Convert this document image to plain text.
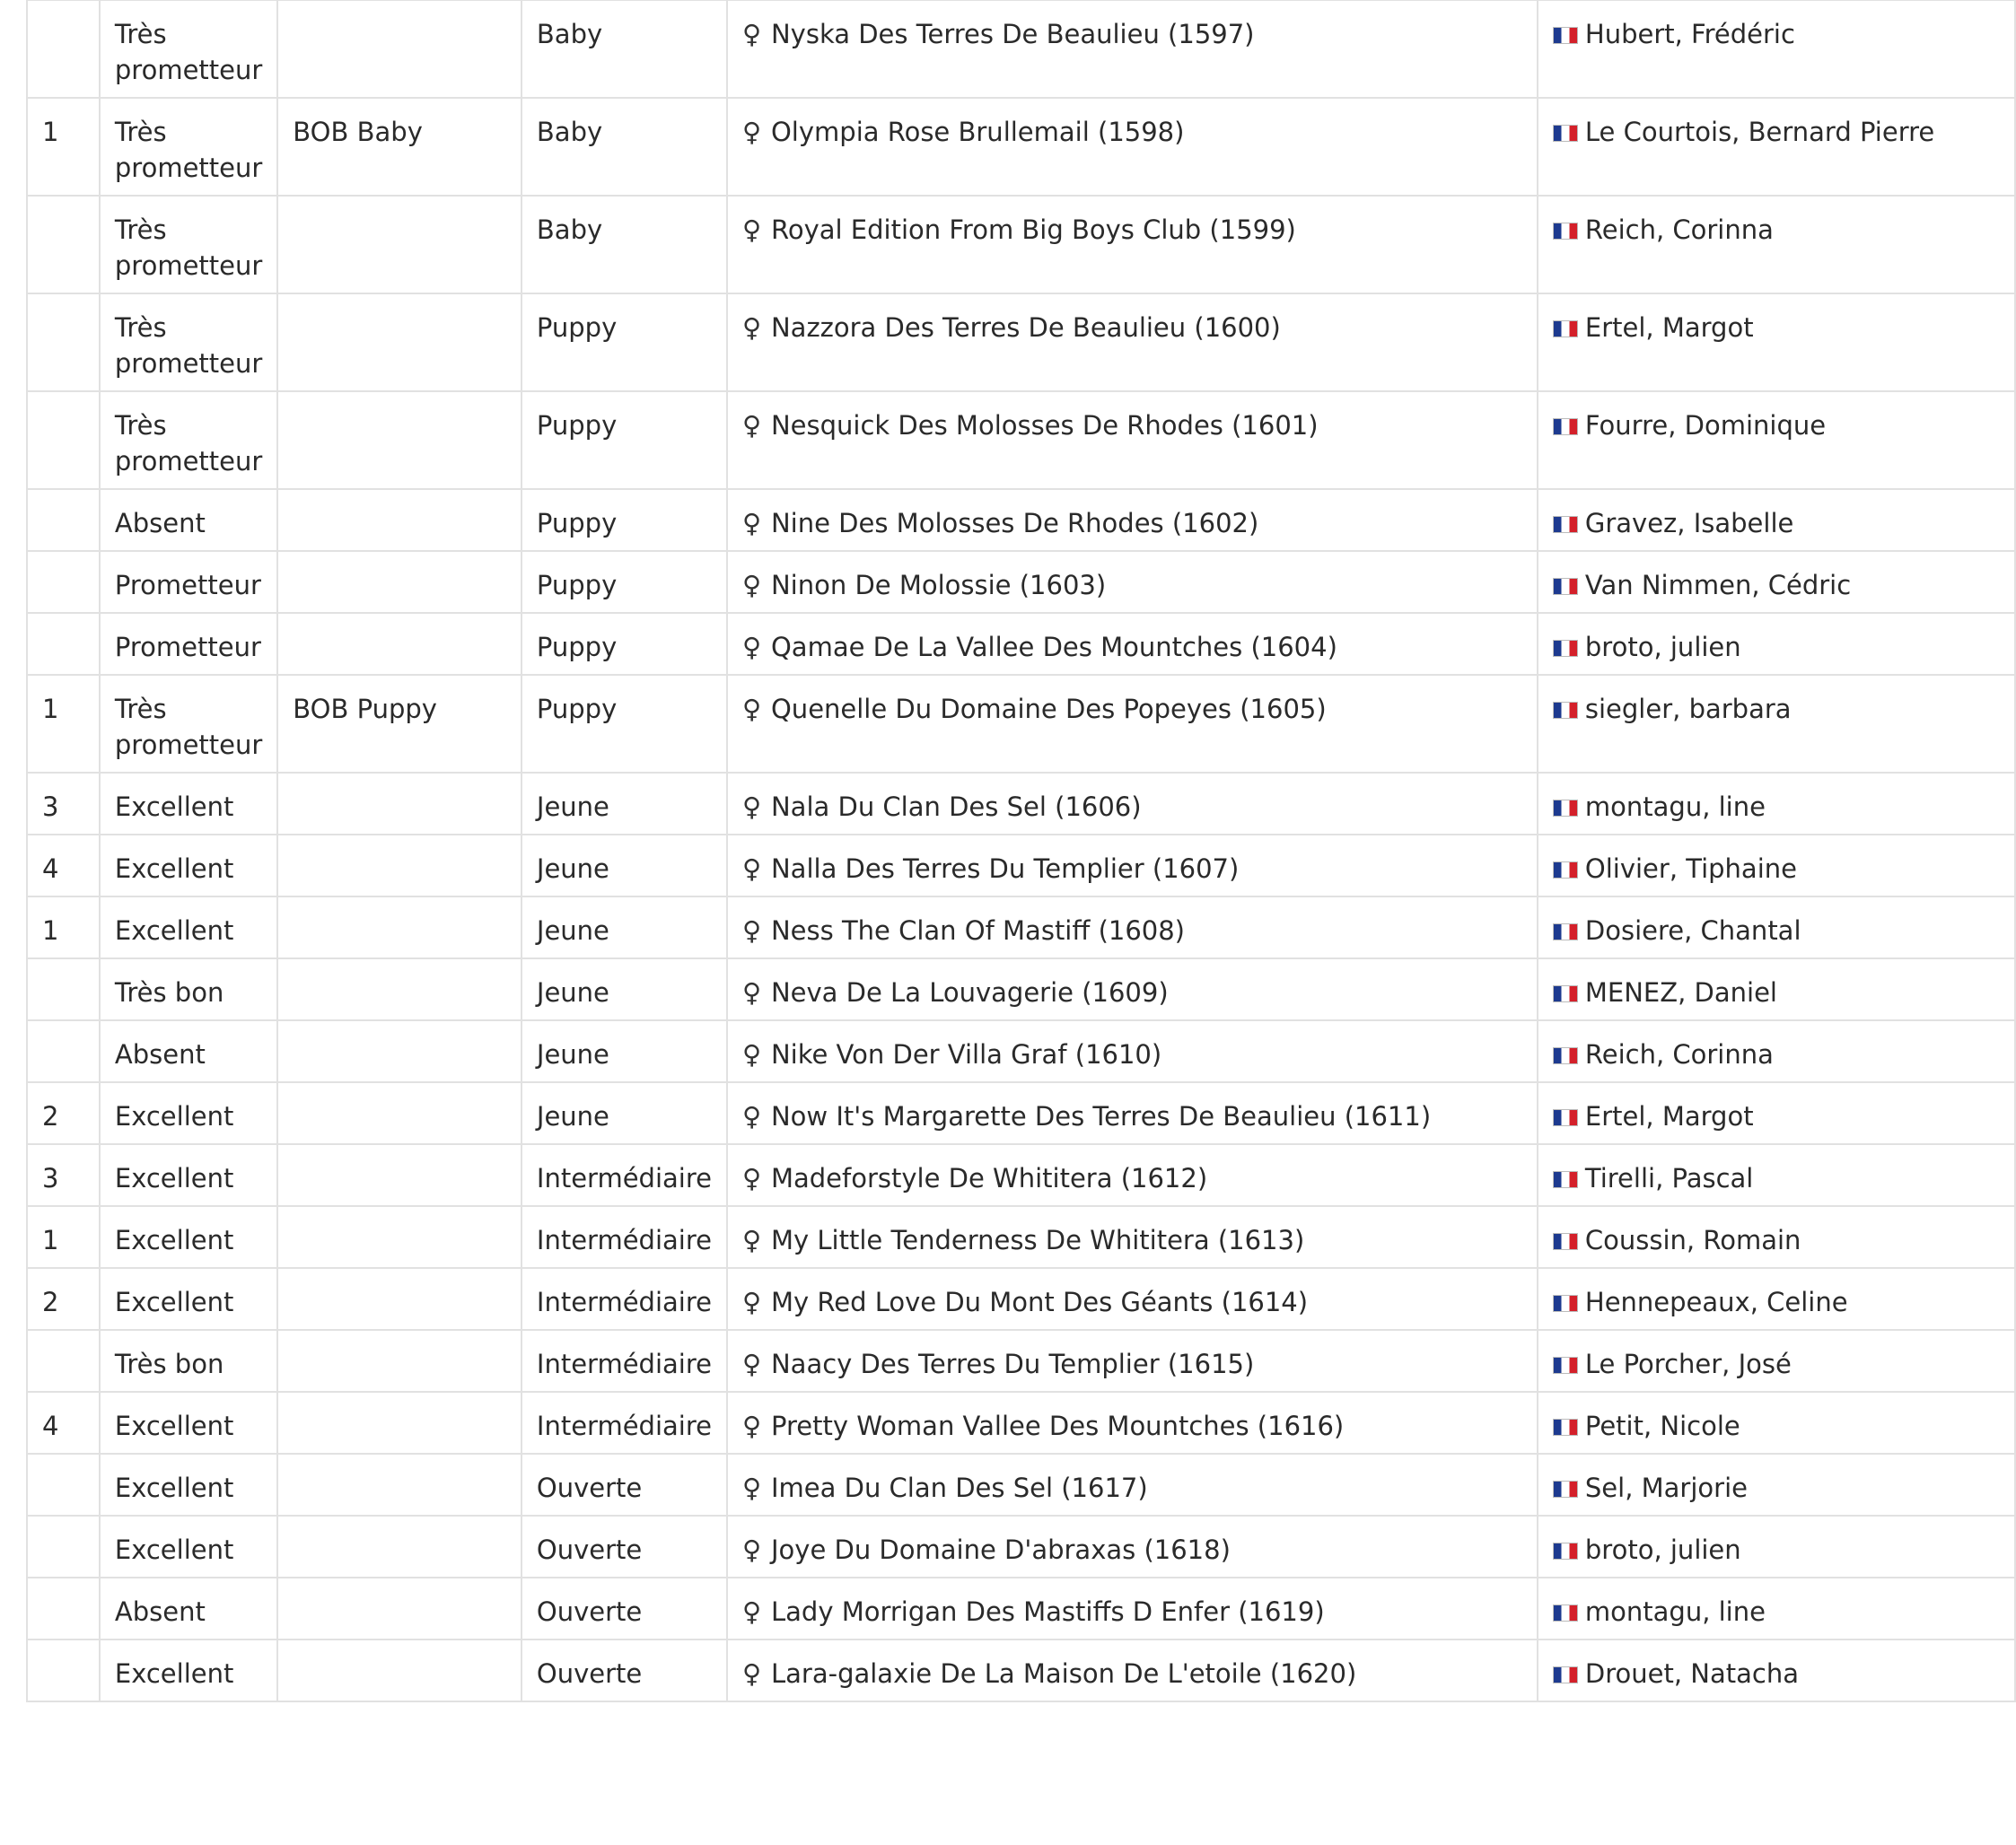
	Très prometteur		Baby	♀ Nyska Des Terres De Beaulieu (1597)	Hubert, Frédéric
1	Très prometteur	BOB Baby	Baby	♀ Olympia Rose Brullemail (1598)	Le Courtois, Bernard Pierre
	Très prometteur		Baby	♀ Royal Edition From Big Boys Club (1599)	Reich, Corinna
	Très prometteur		Puppy	♀ Nazzora Des Terres De Beaulieu (1600)	Ertel, Margot
	Très prometteur		Puppy	♀ Nesquick Des Molosses De Rhodes (1601)	Fourre, Dominique
	Absent		Puppy	♀ Nine Des Molosses De Rhodes (1602)	Gravez, Isabelle
	Prometteur		Puppy	♀ Ninon De Molossie (1603)	Van Nimmen, Cédric
	Prometteur		Puppy	♀ Qamae De La Vallee Des Mountches (1604)	broto, julien
1	Très prometteur	BOB Puppy	Puppy	♀ Quenelle Du Domaine Des Popeyes (1605)	siegler, barbara
3	Excellent		Jeune	♀ Nala Du Clan Des Sel (1606)	montagu, line
4	Excellent		Jeune	♀ Nalla Des Terres Du Templier (1607)	Olivier, Tiphaine
1	Excellent		Jeune	♀ Ness The Clan Of Mastiff (1608)	Dosiere, Chantal
	Très bon		Jeune	♀ Neva De La Louvagerie (1609)	MENEZ, Daniel
	Absent		Jeune	♀ Nike Von Der Villa Graf (1610)	Reich, Corinna
2	Excellent		Jeune	♀ Now It's Margarette Des Terres De Beaulieu (1611)	Ertel, Margot
3	Excellent		Intermédiaire	♀ Madeforstyle De Whititera (1612)	Tirelli, Pascal
1	Excellent		Intermédiaire	♀ My Little Tenderness De Whititera (1613)	Coussin, Romain
2	Excellent		Intermédiaire	♀ My Red Love Du Mont Des Géants (1614)	Hennepeaux, Celine
	Très bon		Intermédiaire	♀ Naacy Des Terres Du Templier (1615)	Le Porcher, José
4	Excellent		Intermédiaire	♀ Pretty Woman Vallee Des Mountches (1616)	Petit, Nicole
	Excellent		Ouverte	♀ Imea Du Clan Des Sel (1617)	Sel, Marjorie
	Excellent		Ouverte	♀ Joye Du Domaine D'abraxas (1618)	broto, julien
	Absent		Ouverte	♀ Lady Morrigan Des Mastiffs D Enfer (1619)	montagu, line
	Excellent		Ouverte	♀ Lara-galaxie De La Maison De L'etoile (1620)	Drouet, Natacha
